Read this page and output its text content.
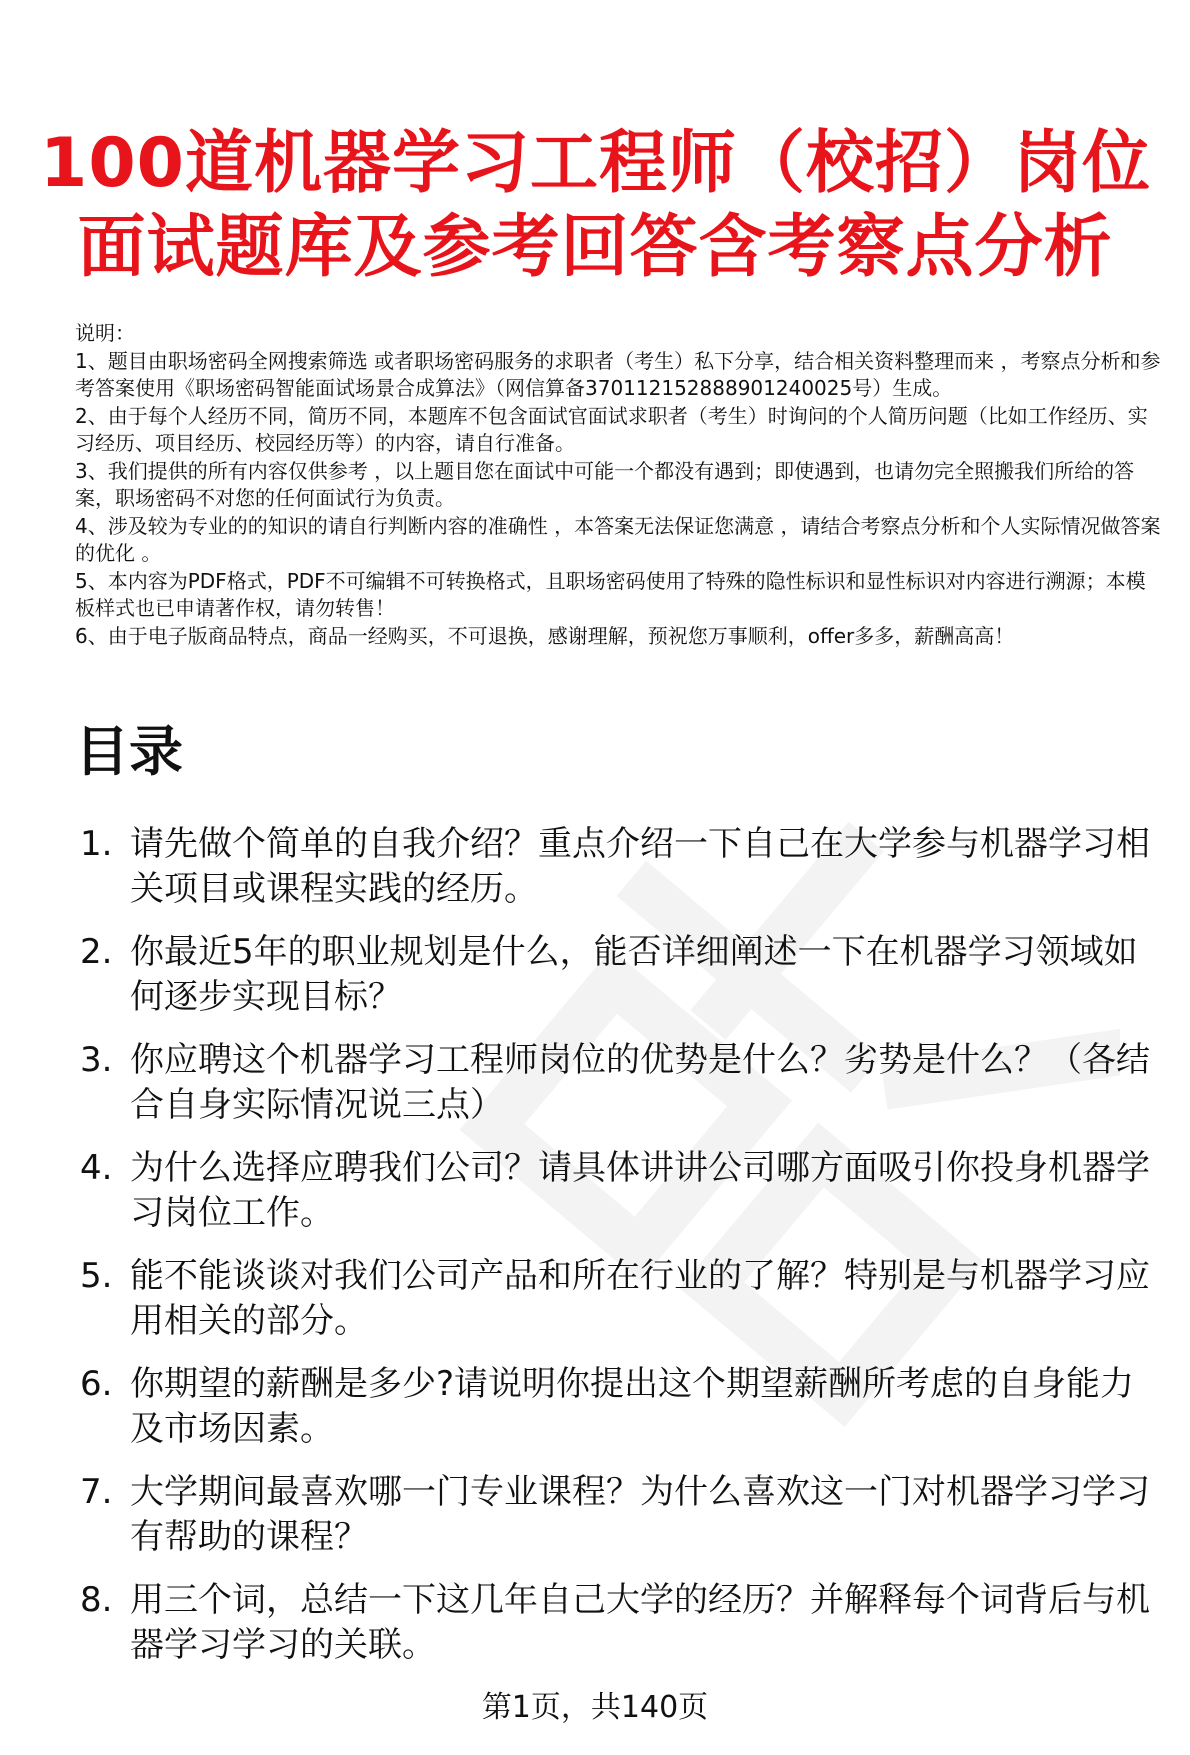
100道机器学习工程师（校招）岗位
面试题库及参考回答含考察点分析

说明：

1、题目由职场密码全网搜索筛选 或者职场密码服务的求职者（考生）私下分享，结合相关资料整理而来 ，考察点分析和参考答案使用《职场密码智能面试场景合成算法》（网信算备370112152888901240025号）生成。

2、由于每个人经历不同，简历不同，本题库不包含面试官面试求职者（考生）时询问的个人简历问题（比如工作经历、实习经历、项目经历、校园经历等）的内容，请自行准备。

3、我们提供的所有内容仅供参考 ，以上题目您在面试中可能一个都没有遇到；即使遇到，也请勿完全照搬我们所给的答案，职场密码不对您的任何面试行为负责。

4、涉及较为专业的的知识的请自行判断内容的准确性 ，本答案无法保证您满意 ，请结合考察点分析和个人实际情况做答案的优化 。

5、本内容为PDF格式，PDF不可编辑不可转换格式，且职场密码使用了特殊的隐性标识和显性标识对内容进行溯源；本模板样式也已申请著作权，请勿转售！

6、由于电子版商品特点，商品一经购买，不可退换，感谢理解，预祝您万事顺利，offer多多，薪酬高高！

目录
1. 请先做个简单的自我介绍？重点介绍一下自己在大学参与机器学习相关项目或课程实践的经历。
2. 你最近5年的职业规划是什么，能否详细阐述一下在机器学习领域如何逐步实现目标？
3. 你应聘这个机器学习工程师岗位的优势是什么？劣势是什么？（各结合自身实际情况说三点）
4. 为什么选择应聘我们公司？请具体讲讲公司哪方面吸引你投身机器学习岗位工作。
5. 能不能谈谈对我们公司产品和所在行业的了解？特别是与机器学习应用相关的部分。
6. 你期望的薪酬是多少?请说明你提出这个期望薪酬所考虑的自身能力及市场因素。
7. 大学期间最喜欢哪一门专业课程？为什么喜欢这一门对机器学习学习有帮助的课程？
8. 用三个词，总结一下这几年自己大学的经历？并解释每个词背后与机器学习学习的关联。
第1页，共140页
